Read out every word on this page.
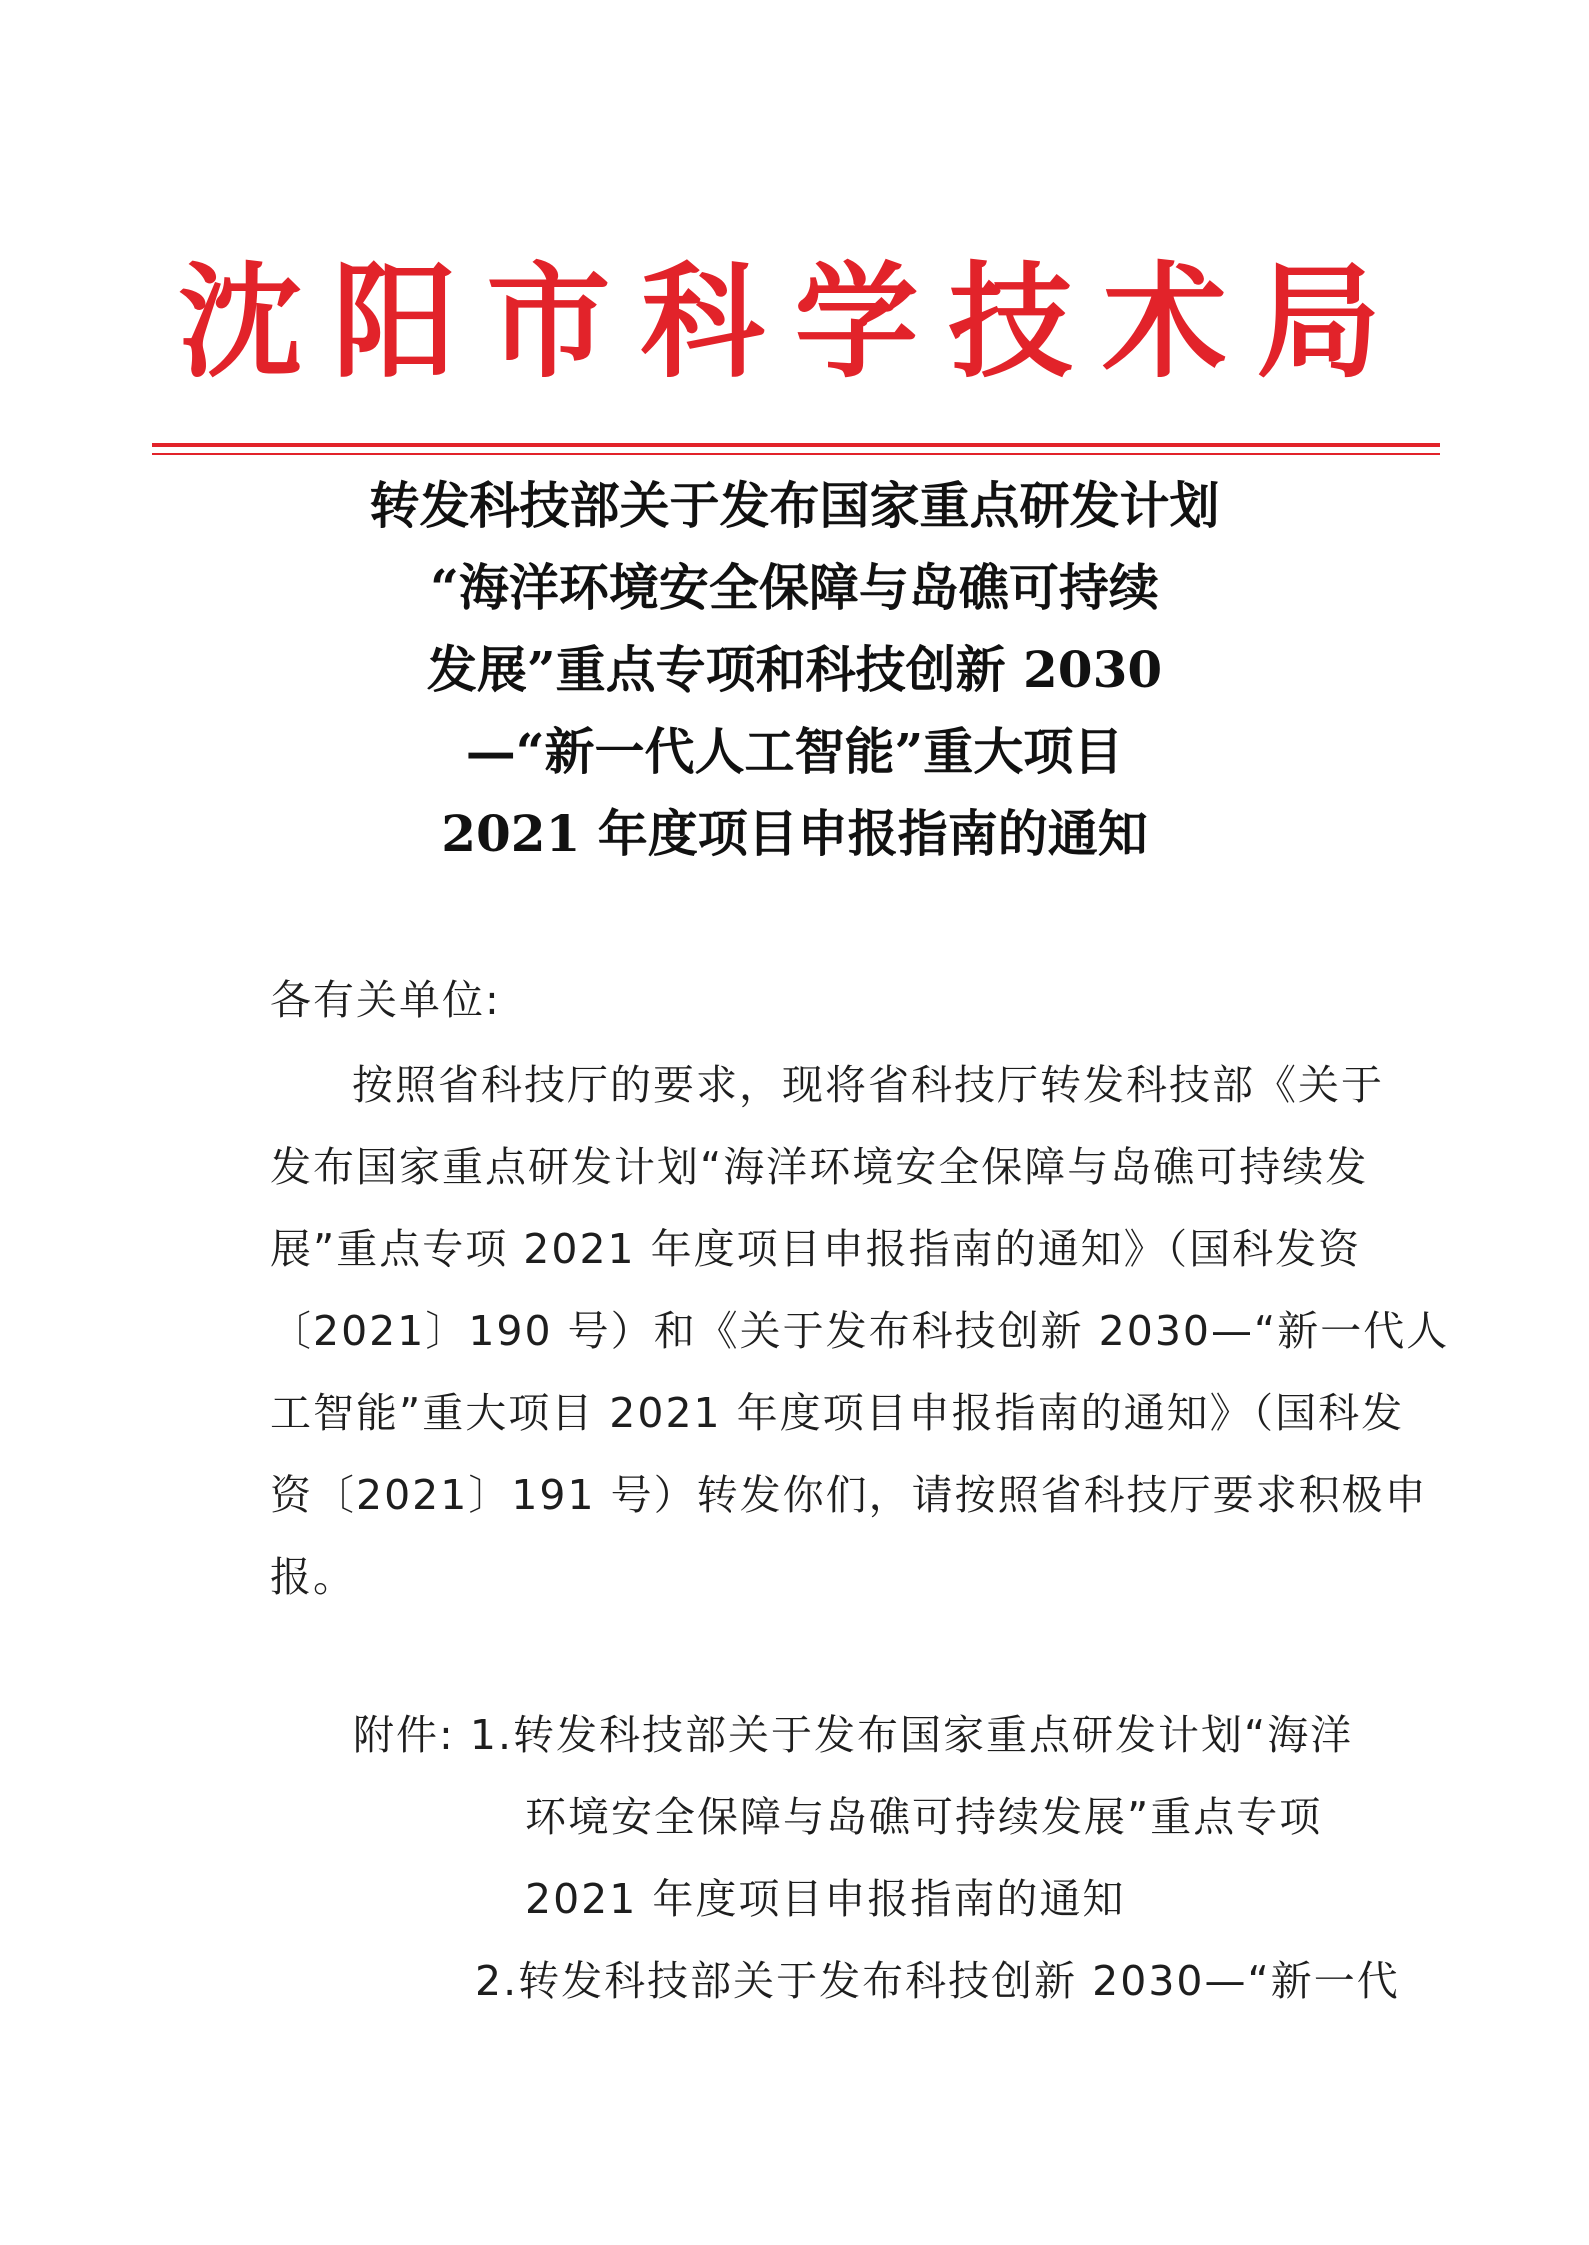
沈阳市科学技术局
转发科技部关于发布国家重点研发计划
“海洋环境安全保障与岛礁可持续
发展”重点专项和科技创新 2030
—“新一代人工智能”重大项目
2021 年度项目申报指南的通知
各有关单位:
按照省科技厅的要求，现将省科技厅转发科技部《关于
发布国家重点研发计划“海洋环境安全保障与岛礁可持续发
展”重点专项 2021 年度项目申报指南的通知》（国科发资
〔2021〕190 号）和《关于发布科技创新 2030—“新一代人
工智能”重大项目 2021 年度项目申报指南的通知》（国科发
资〔2021〕191 号）转发你们，请按照省科技厅要求积极申
报。
附件: 1.转发科技部关于发布国家重点研发计划“海洋
环境安全保障与岛礁可持续发展”重点专项
2021 年度项目申报指南的通知
2.转发科技部关于发布科技创新 2030—“新一代
